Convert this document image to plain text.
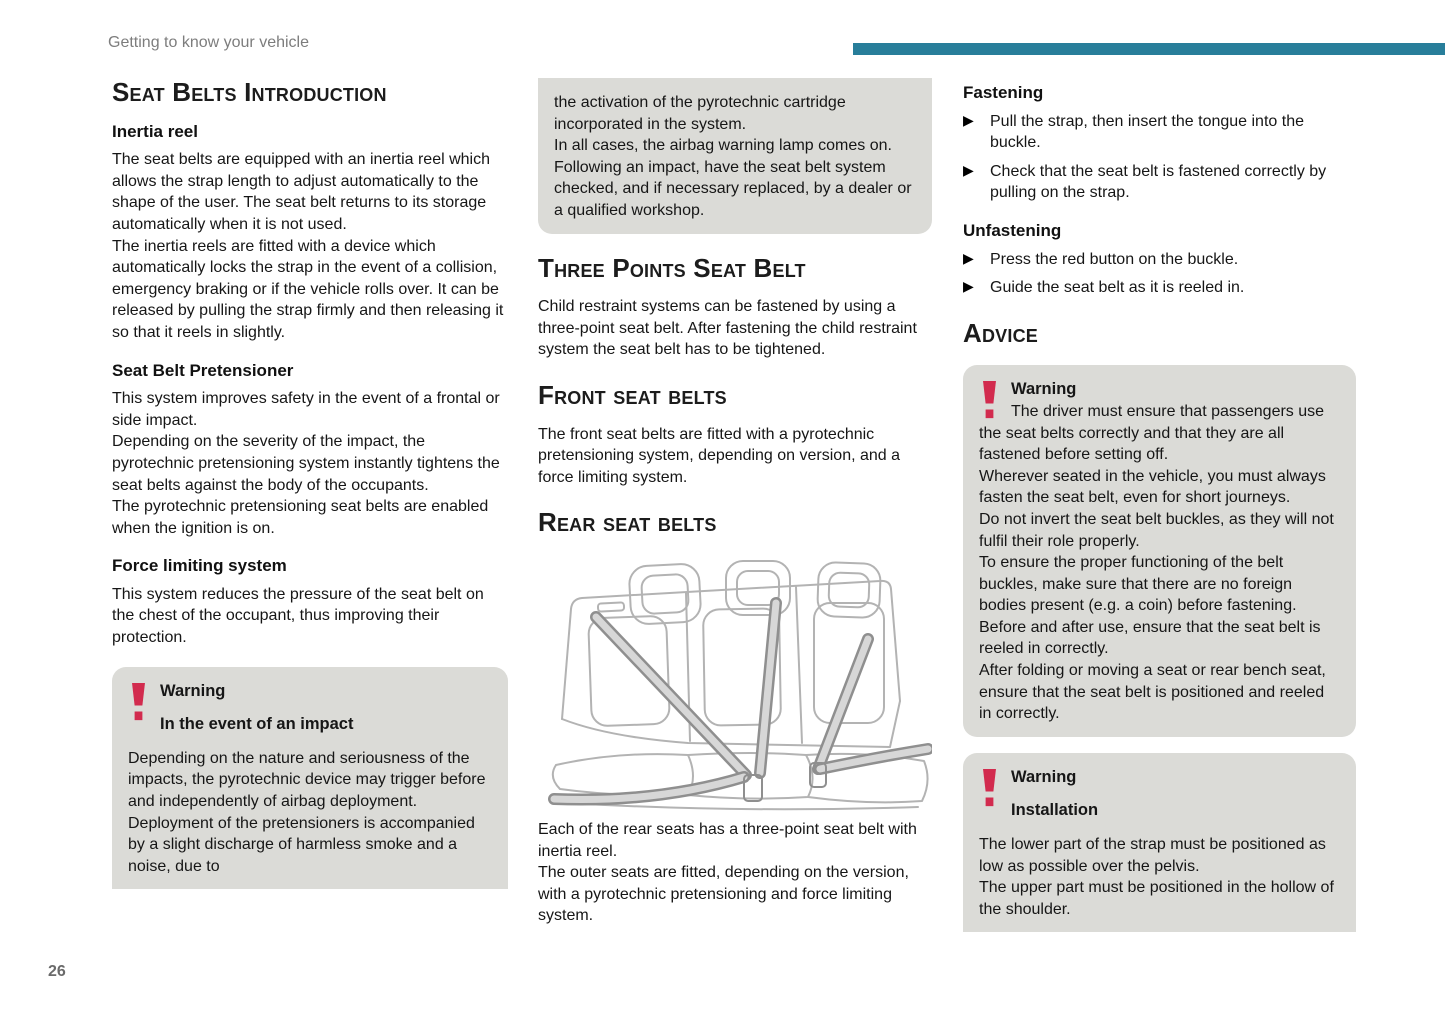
Getting to know your vehicle
Seat Belts Introduction
Inertia reel

The seat belts are equipped with an inertia reel which allows the strap length to adjust automatically to the shape of the user. The seat belt returns to its storage automatically when it is not used.

The inertia reels are fitted with a device which automatically locks the strap in the event of a collision, emergency braking or if the vehicle rolls over. It can be released by pulling the strap firmly and then releasing it so that it reels in slightly.

Seat Belt Pretensioner

This system improves safety in the event of a frontal or side impact.

Depending on the severity of the impact, the pyrotechnic pretensioning system instantly tightens the seat belts against the body of the occupants.

The pyrotechnic pretensioning seat belts are enabled when the ignition is on.

Force limiting system

This system reduces the pressure of the seat belt on the chest of the occupant, thus improving their protection.

Warning
In the event of an impact

Depending on the nature and seriousness of the impacts, the pyrotechnic device may trigger before and independently of airbag deployment. Deployment of the pretensioners is accompanied by a slight discharge of harmless smoke and a noise, due to

the activation of the pyrotechnic cartridge incorporated in the system.

In all cases, the airbag warning lamp comes on.

Following an impact, have the seat belt system checked, and if necessary replaced, by a dealer or a qualified workshop.

Three Points Seat Belt

Child restraint systems can be fastened by using a three-point seat belt. After fastening the child restraint system the seat belt has to be tightened.

Front seat belts

The front seat belts are fitted with a pyrotechnic pretensioning system, depending on version, and a force limiting system.

Rear seat belts

Each of the rear seats has a three-point seat belt with inertia reel.

The outer seats are fitted, depending on the version, with a pyrotechnic pretensioning and force limiting system.

Fastening
▶	Pull the strap, then insert the tongue into the buckle.
▶	Check that the seat belt is fastened correctly by pulling on the strap.
Unfastening
▶	Press the red button on the buckle.
▶	Guide the seat belt as it is reeled in.
Advice
Warning

The driver must ensure that passengers use the seat belts correctly and that they are all fastened before setting off.

Wherever seated in the vehicle, you must always fasten the seat belt, even for short journeys.

Do not invert the seat belt buckles, as they will not fulfil their role properly.

To ensure the proper functioning of the belt buckles, make sure that there are no foreign bodies present (e.g. a coin) before fastening.

Before and after use, ensure that the seat belt is reeled in correctly.

After folding or moving a seat or rear bench seat, ensure that the seat belt is positioned and reeled in correctly.

Warning
Installation

The lower part of the strap must be positioned as low as possible over the pelvis.

The upper part must be positioned in the hollow of the shoulder.

26
